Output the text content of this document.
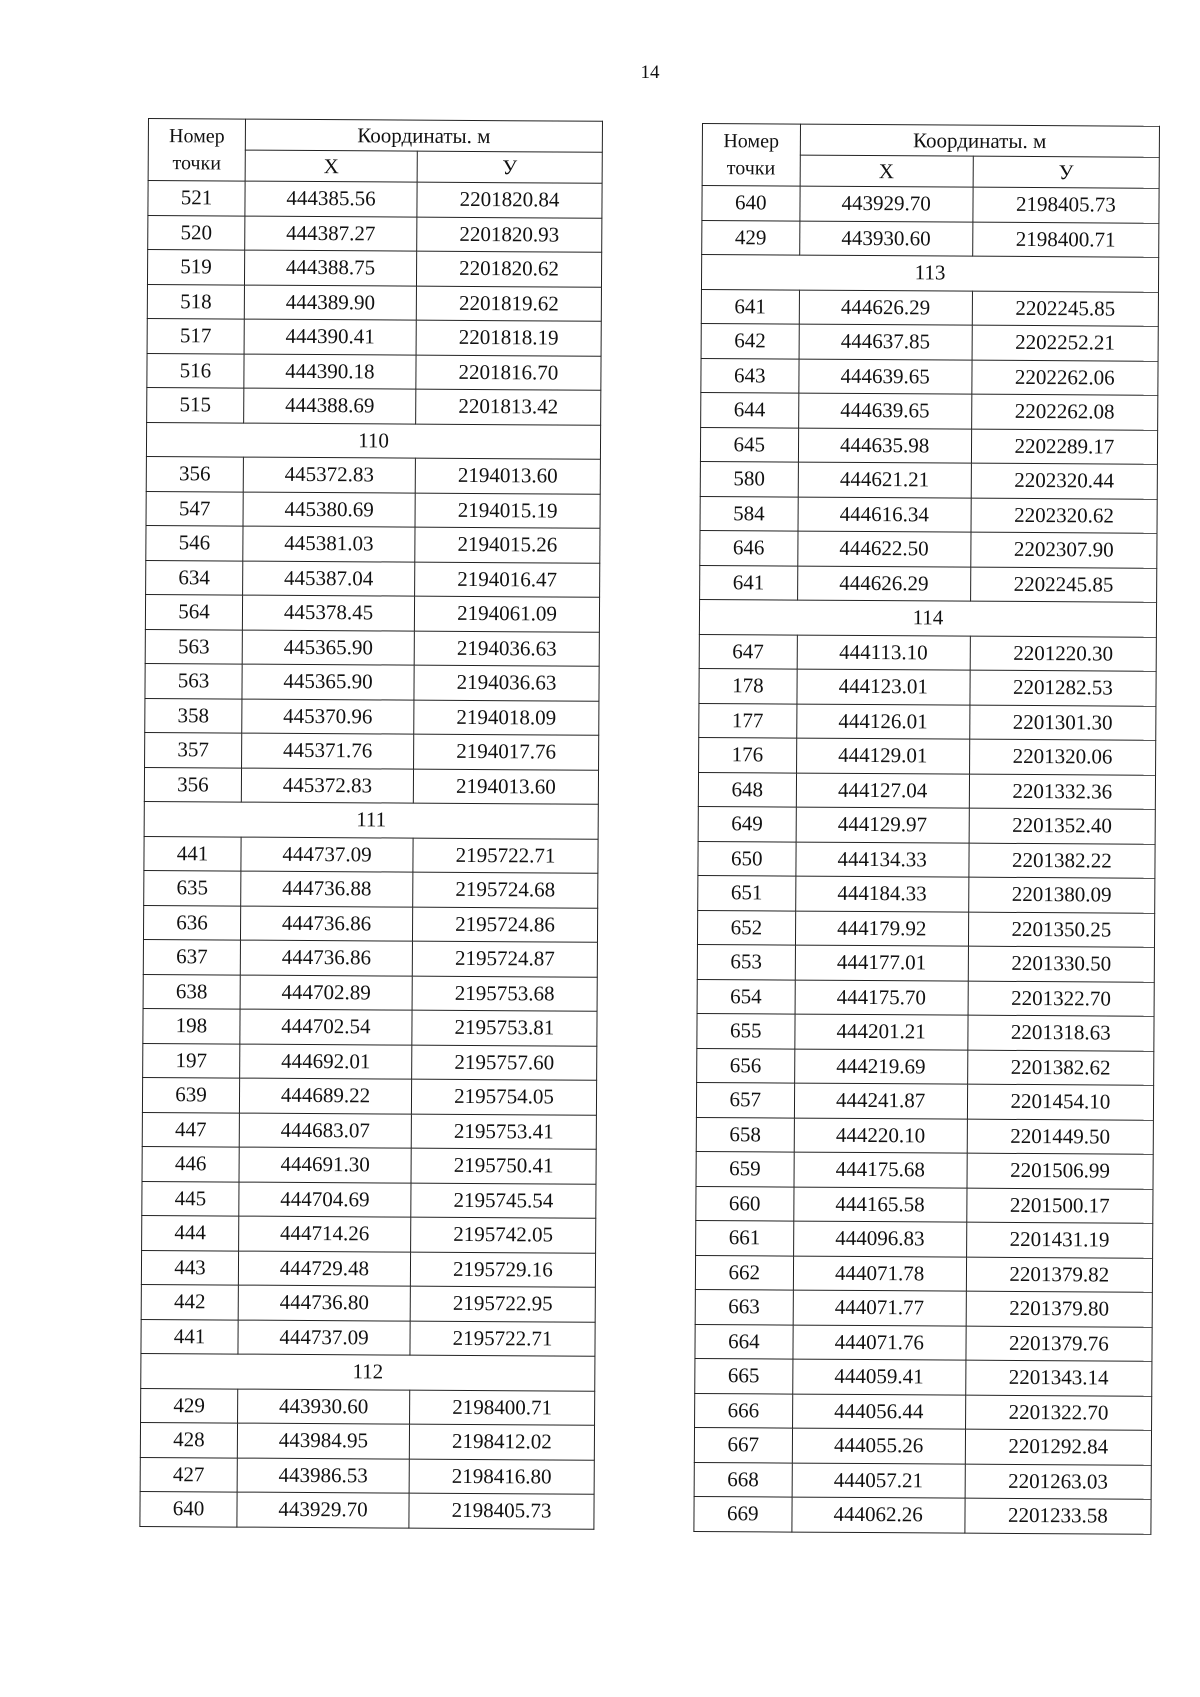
14
Номер точки	Координаты. м	
	X	У
521	444385.56	2201820.84
520	444387.27	2201820.93
519	444388.75	2201820.62
518	444389.90	2201819.62
517	444390.41	2201818.19
516	444390.18	2201816.70
515	444388.69	2201813.42
110		
356	445372.83	2194013.60
547	445380.69	2194015.19
546	445381.03	2194015.26
634	445387.04	2194016.47
564	445378.45	2194061.09
563	445365.90	2194036.63
563	445365.90	2194036.63
358	445370.96	2194018.09
357	445371.76	2194017.76
356	445372.83	2194013.60
111		
441	444737.09	2195722.71
635	444736.88	2195724.68
636	444736.86	2195724.86
637	444736.86	2195724.87
638	444702.89	2195753.68
198	444702.54	2195753.81
197	444692.01	2195757.60
639	444689.22	2195754.05
447	444683.07	2195753.41
446	444691.30	2195750.41
445	444704.69	2195745.54
444	444714.26	2195742.05
443	444729.48	2195729.16
442	444736.80	2195722.95
441	444737.09	2195722.71
112		
429	443930.60	2198400.71
428	443984.95	2198412.02
427	443986.53	2198416.80
640	443929.70	2198405.73
Номер точки	Координаты. м	
	X	У
640	443929.70	2198405.73
429	443930.60	2198400.71
113		
641	444626.29	2202245.85
642	444637.85	2202252.21
643	444639.65	2202262.06
644	444639.65	2202262.08
645	444635.98	2202289.17
580	444621.21	2202320.44
584	444616.34	2202320.62
646	444622.50	2202307.90
641	444626.29	2202245.85
114		
647	444113.10	2201220.30
178	444123.01	2201282.53
177	444126.01	2201301.30
176	444129.01	2201320.06
648	444127.04	2201332.36
649	444129.97	2201352.40
650	444134.33	2201382.22
651	444184.33	2201380.09
652	444179.92	2201350.25
653	444177.01	2201330.50
654	444175.70	2201322.70
655	444201.21	2201318.63
656	444219.69	2201382.62
657	444241.87	2201454.10
658	444220.10	2201449.50
659	444175.68	2201506.99
660	444165.58	2201500.17
661	444096.83	2201431.19
662	444071.78	2201379.82
663	444071.77	2201379.80
664	444071.76	2201379.76
665	444059.41	2201343.14
666	444056.44	2201322.70
667	444055.26	2201292.84
668	444057.21	2201263.03
669	444062.26	2201233.58
